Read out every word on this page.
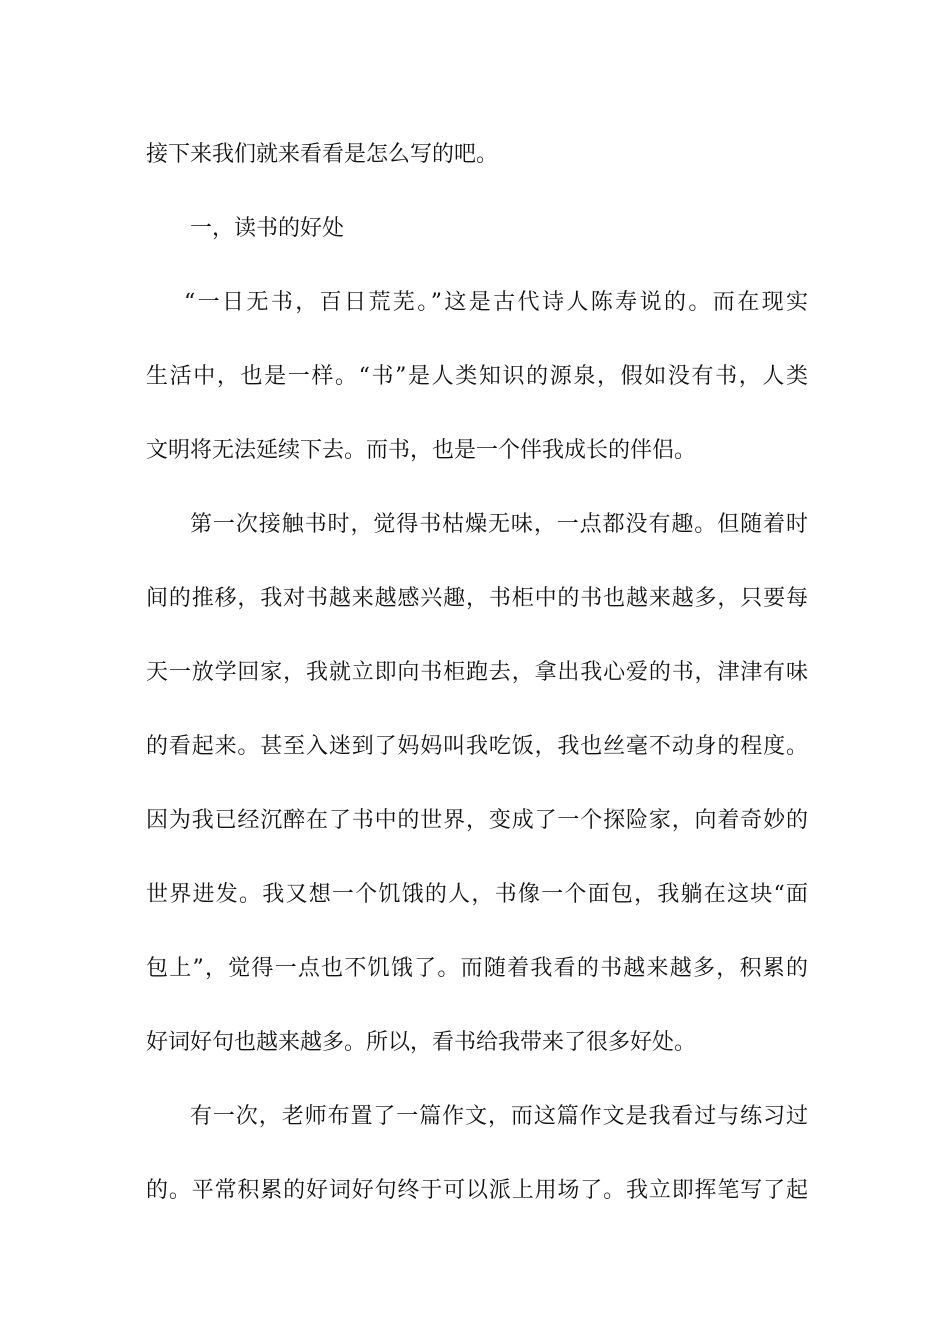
接下来我们就来看看是怎么写的吧。
一，读书的好处
“一日无书，百日荒芜。”这是古代诗人陈寿说的。而在现实
生活中，也是一样。“书”是人类知识的源泉，假如没有书，人类
文明将无法延续下去。而书，也是一个伴我成长的伴侣。
第一次接触书时，觉得书枯燥无味，一点都没有趣。但随着时
间的推移，我对书越来越感兴趣，书柜中的书也越来越多，只要每
天一放学回家，我就立即向书柜跑去，拿出我心爱的书，津津有味
的看起来。甚至入迷到了妈妈叫我吃饭，我也丝毫不动身的程度。
因为我已经沉醉在了书中的世界，变成了一个探险家，向着奇妙的
世界进发。我又想一个饥饿的人，书像一个面包，我躺在这块“面
包上”，觉得一点也不饥饿了。而随着我看的书越来越多，积累的
好词好句也越来越多。所以，看书给我带来了很多好处。
有一次，老师布置了一篇作文，而这篇作文是我看过与练习过
的。平常积累的好词好句终于可以派上用场了。我立即挥笔写了起
